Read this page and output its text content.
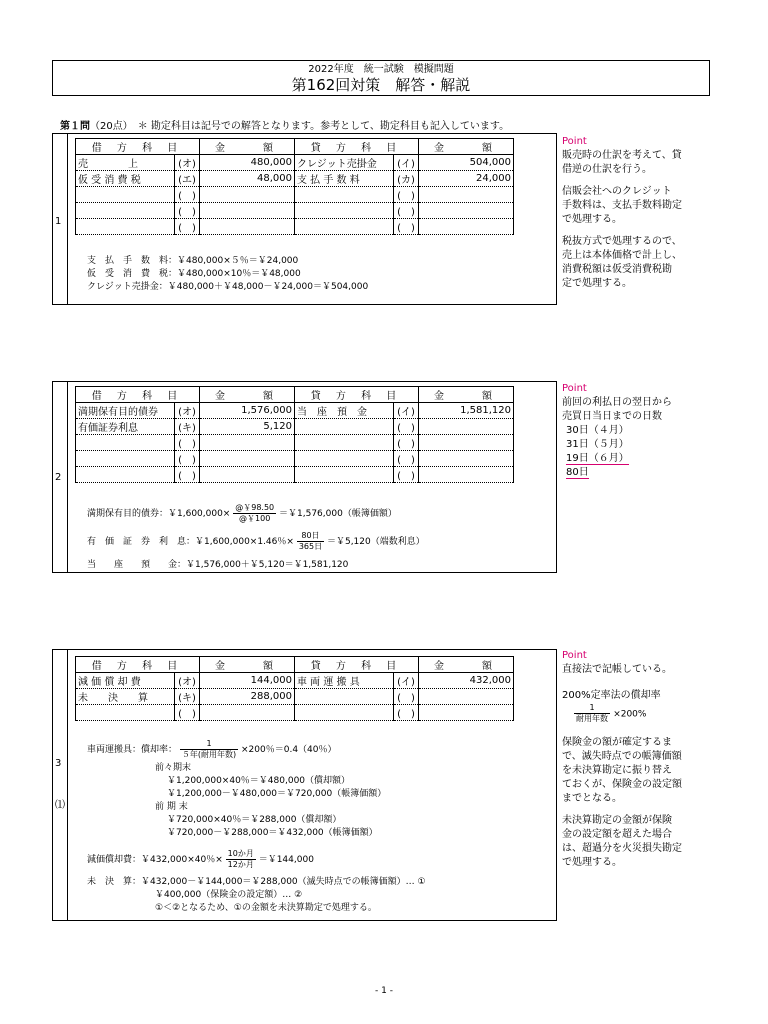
2022年度　統一試験　模擬問題
第162回対策　解答・解説
第１問（20点）　 ＊ 勘定科目は記号での解答となります。参考として、勘定科目も記入しています。
1
借 方 科 目		金　　額	貸 方 科 目		金　　額
売　　　　上	(オ)	480,000	クレジット売掛金	(イ)	504,000
仮 受 消 費 税	(エ)	48,000	支 払 手 数 料	(カ)	24,000
	(　)			(　)	
	(　)			(　)	
	(　)			(　)	
支　払　手　数　料：￥480,000×５％＝￥24,000
仮　受　消　費　税：￥480,000×10％＝￥48,000
クレジット売掛金：￥480,000＋￥48,000－￥24,000＝￥504,000
Point
販売時の仕訳を考えて、貸
借逆の仕訳を行う。
信販会社へのクレジット
手数料は、支払手数料勘定
で処理する。
税抜方式で処理するので、
売上は本体価格で計上し、
消費税額は仮受消費税勘
定で処理する。
2
借 方 科 目		金　　額	貸 方 科 目		金　　額
満期保有目的債券	(オ)	1,576,000	当　座　預　金	(イ)	1,581,120
有価証券利息	(キ)	5,120		(　)	
	(　)			(　)	
	(　)			(　)	
	(　)			(　)	
満期保有目的債券：￥$1,600,000\times \frac{@￥98.50}{@￥100}$ ＝￥1,576,000（帳簿価額）
有　価　証　券　利　息：￥1,600,000×1.46％× $\frac{\text{80日}}{\text{365日}}$ ＝￥5,120（端数利息）
当　　座　　預　　金：￥1,576,000＋￥5,120＝￥1,581,120
Point
前回の利払日の翌日から
売買日当日までの日数
30日（４月）
31日（５月）
19日（６月）
80日
3
⑴
借 方 科 目		金　　額	貸 方 科 目		金　　額
減 価 償 却 費	(オ)	144,000	車 両 運 搬 具	(イ)	432,000
未　　決　　算	(キ)	288,000		(　)	
	(　)			(　)	
車両運搬具：償却率： $\frac{1}{\text{５年(耐用年数)}} \times 200$％＝0.4（40％）
前々期末
￥1,200,000×40％＝￥480,000（償却額）
￥1,200,000－￥480,000＝￥720,000（帳簿価額）
前 期 末
￥720,000×40％＝￥288,000（償却額）
￥720,000－￥288,000＝￥432,000（帳簿価額）
減価償却費：￥432,000×40％× $\frac{\text{10か月}}{\text{12か月}}$ ＝￥144,000
未　決　算：￥432,000－￥144,000＝￥288,000（滅失時点での帳簿価額）… ①
￥400,000（保険金の設定額）… ②
①＜②となるため、①の金額を未決算勘定で処理する。
Point
直接法で記帳している。
200%定率法の償却率
$\frac{1}{\text{耐用年数}} \times 200\%$
保険金の額が確定するま
で、滅失時点での帳簿価額
を未決算勘定に振り替え
ておくが、保険金の設定額
までとなる。
未決算勘定の金額が保険
金の設定額を超えた場合
は、超過分を火災損失勘定
で処理する。
- 1 -
